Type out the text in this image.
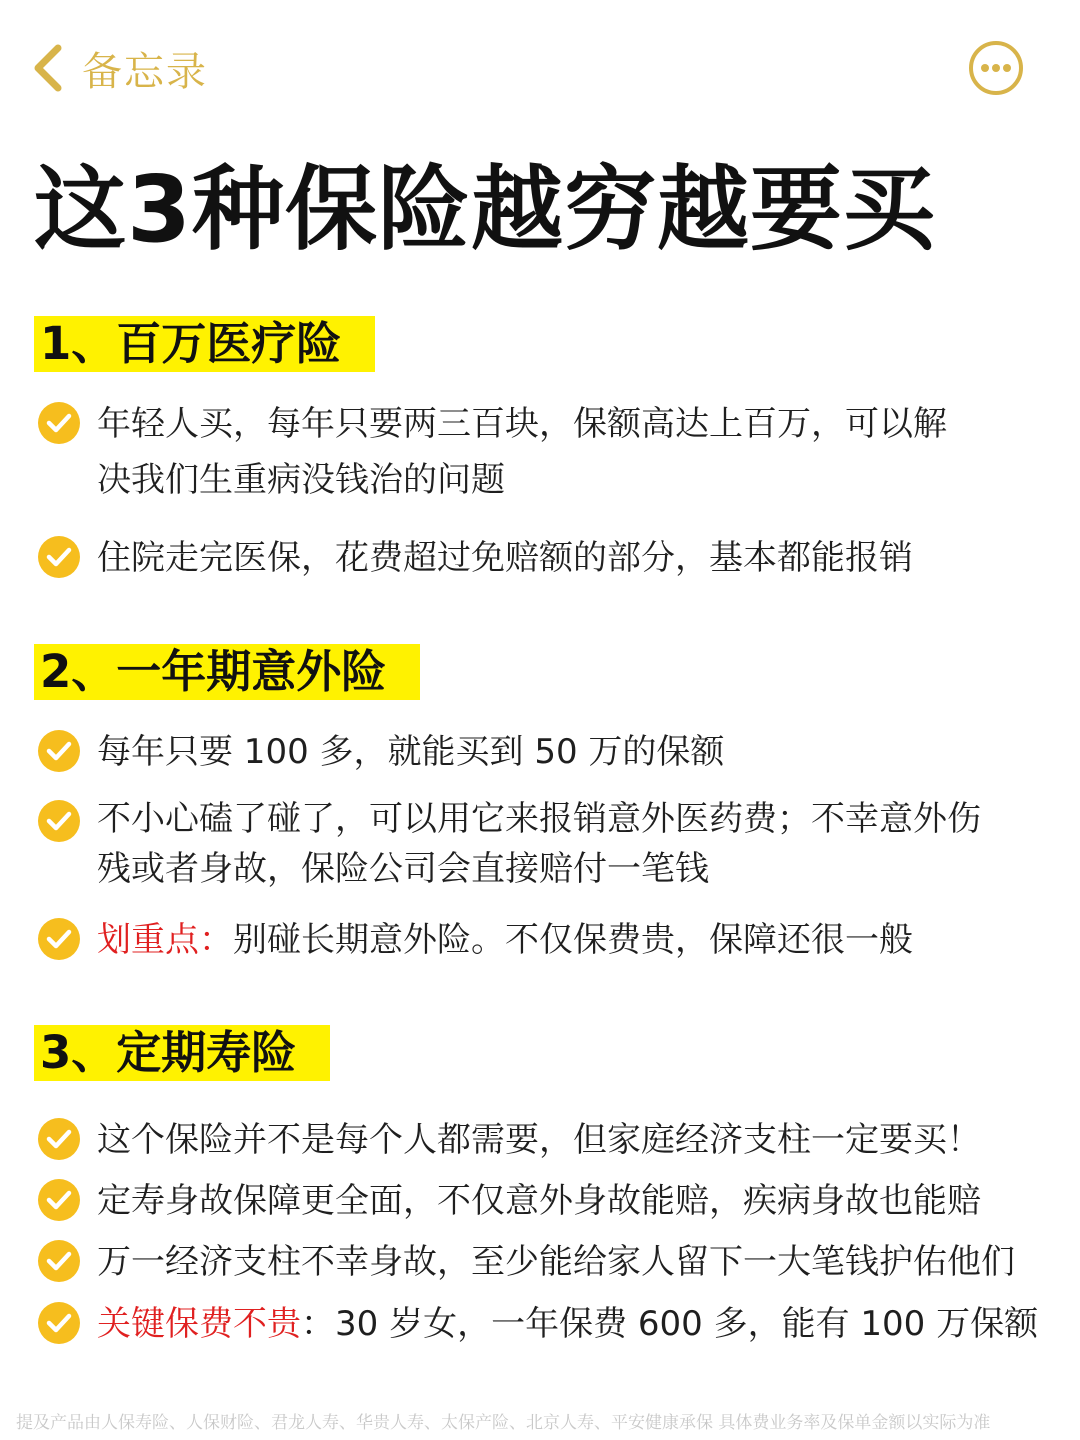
备忘录
这3种保险越穷越要买
1、百万医疗险
年轻人买，每年只要两三百块，保额高达上百万，可以解
决我们生重病没钱治的问题
住院走完医保，花费超过免赔额的部分，基本都能报销
2、一年期意外险
每年只要 100 多，就能买到 50 万的保额
不小心磕了碰了，可以用它来报销意外医药费；不幸意外伤
残或者身故，保险公司会直接赔付一笔钱
划重点：别碰长期意外险。不仅保费贵，保障还很一般
3、定期寿险
这个保险并不是每个人都需要，但家庭经济支柱一定要买！
定寿身故保障更全面，不仅意外身故能赔，疾病身故也能赔
万一经济支柱不幸身故，至少能给家人留下一大笔钱护佑他们
关键保费不贵：30 岁女，一年保费 600 多，能有 100 万保额
提及产品由人保寿险、人保财险、君龙人寿、华贵人寿、太保产险、北京人寿、平安健康承保 具体费业务率及保单金额以实际为准
